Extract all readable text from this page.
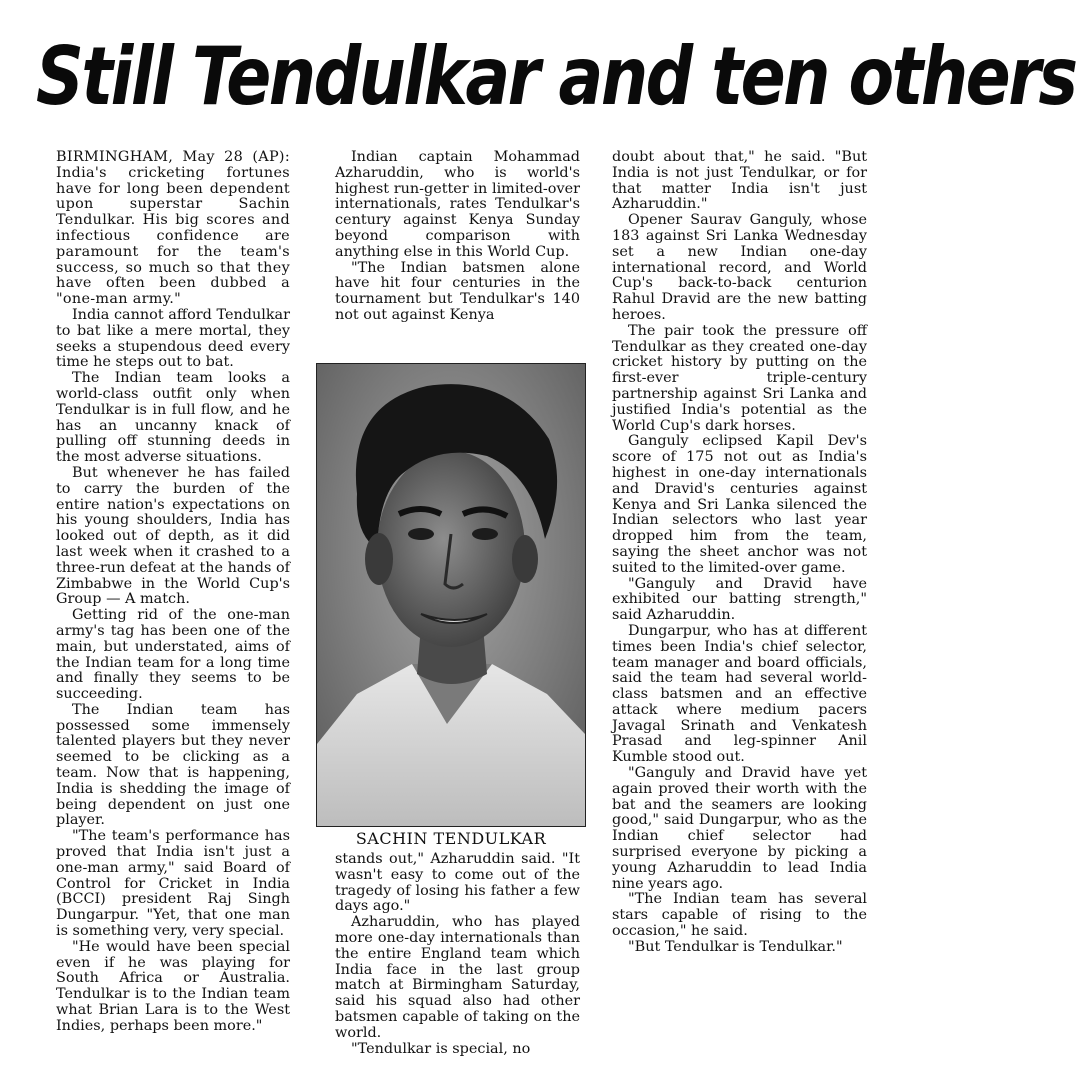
Still Tendulkar and ten others

BIRMINGHAM, May 28 (AP): India's cricketing fortunes have for long been dependent upon superstar Sachin Tendulkar. His big scores and infectious confidence are paramount for the team's success, so much so that they have often been dubbed a "one-man army."

India cannot afford Tendulkar to bat like a mere mortal, they seeks a stupendous deed every time he steps out to bat.

The Indian team looks a world-class outfit only when Tendulkar is in full flow, and he has an uncanny knack of pulling off stunning deeds in the most adverse situations.

But whenever he has failed to carry the burden of the entire nation's expectations on his young shoulders, India has looked out of depth, as it did last week when it crashed to a three-run defeat at the hands of Zimbabwe in the World Cup's Group — A match.

Getting rid of the one-man army's tag has been one of the main, but understated, aims of the Indian team for a long time and finally they seems to be succeeding.

The Indian team has possessed some immensely talented players but they never seemed to be clicking as a team. Now that is happening, India is shedding the image of being dependent on just one player.

"The team's performance has proved that India isn't just a one-man army," said Board of Control for Cricket in India (BCCI) president Raj Singh Dungarpur. "Yet, that one man is something very, very special.

"He would have been special even if he was playing for South Africa or Australia. Tendulkar is to the Indian team what Brian Lara is to the West Indies, perhaps been more."

Indian captain Mohammad Azharuddin, who is world's highest run-getter in limited-over internationals, rates Tendulkar's century against Kenya Sunday beyond comparison with anything else in this World Cup.

"The Indian batsmen alone have hit four centuries in the tournament but Tendulkar's 140 not out against Kenya

SACHIN TENDULKAR

stands out," Azharuddin said. "It wasn't easy to come out of the tragedy of losing his father a few days ago."

Azharuddin, who has played more one-day internationals than the entire England team which India face in the last group match at Birmingham Saturday, said his squad also had other batsmen capable of taking on the world.

"Tendulkar is special, no

doubt about that," he said. "But India is not just Tendulkar, or for that matter India isn't just Azharuddin."

Opener Saurav Ganguly, whose 183 against Sri Lanka Wednesday set a new Indian one-day international record, and World Cup's back-to-back centurion Rahul Dravid are the new batting heroes.

The pair took the pressure off Tendulkar as they created one-day cricket history by putting on the first-ever triple-century partnership against Sri Lanka and justified India's potential as the World Cup's dark horses.

Ganguly eclipsed Kapil Dev's score of 175 not out as India's highest in one-day internationals and Dravid's centuries against Kenya and Sri Lanka silenced the Indian selectors who last year dropped him from the team, saying the sheet anchor was not suited to the limited-over game.

"Ganguly and Dravid have exhibited our batting strength," said Azharuddin.

Dungarpur, who has at different times been India's chief selector, team manager and board officials, said the team had several world-class batsmen and an effective attack where medium pacers Javagal Srinath and Venkatesh Prasad and leg-spinner Anil Kumble stood out.

"Ganguly and Dravid have yet again proved their worth with the bat and the seamers are looking good," said Dungarpur, who as the Indian chief selector had surprised everyone by picking a young Azharuddin to lead India nine years ago.

"The Indian team has several stars capable of rising to the occasion," he said.

"But Tendulkar is Tendulkar."
